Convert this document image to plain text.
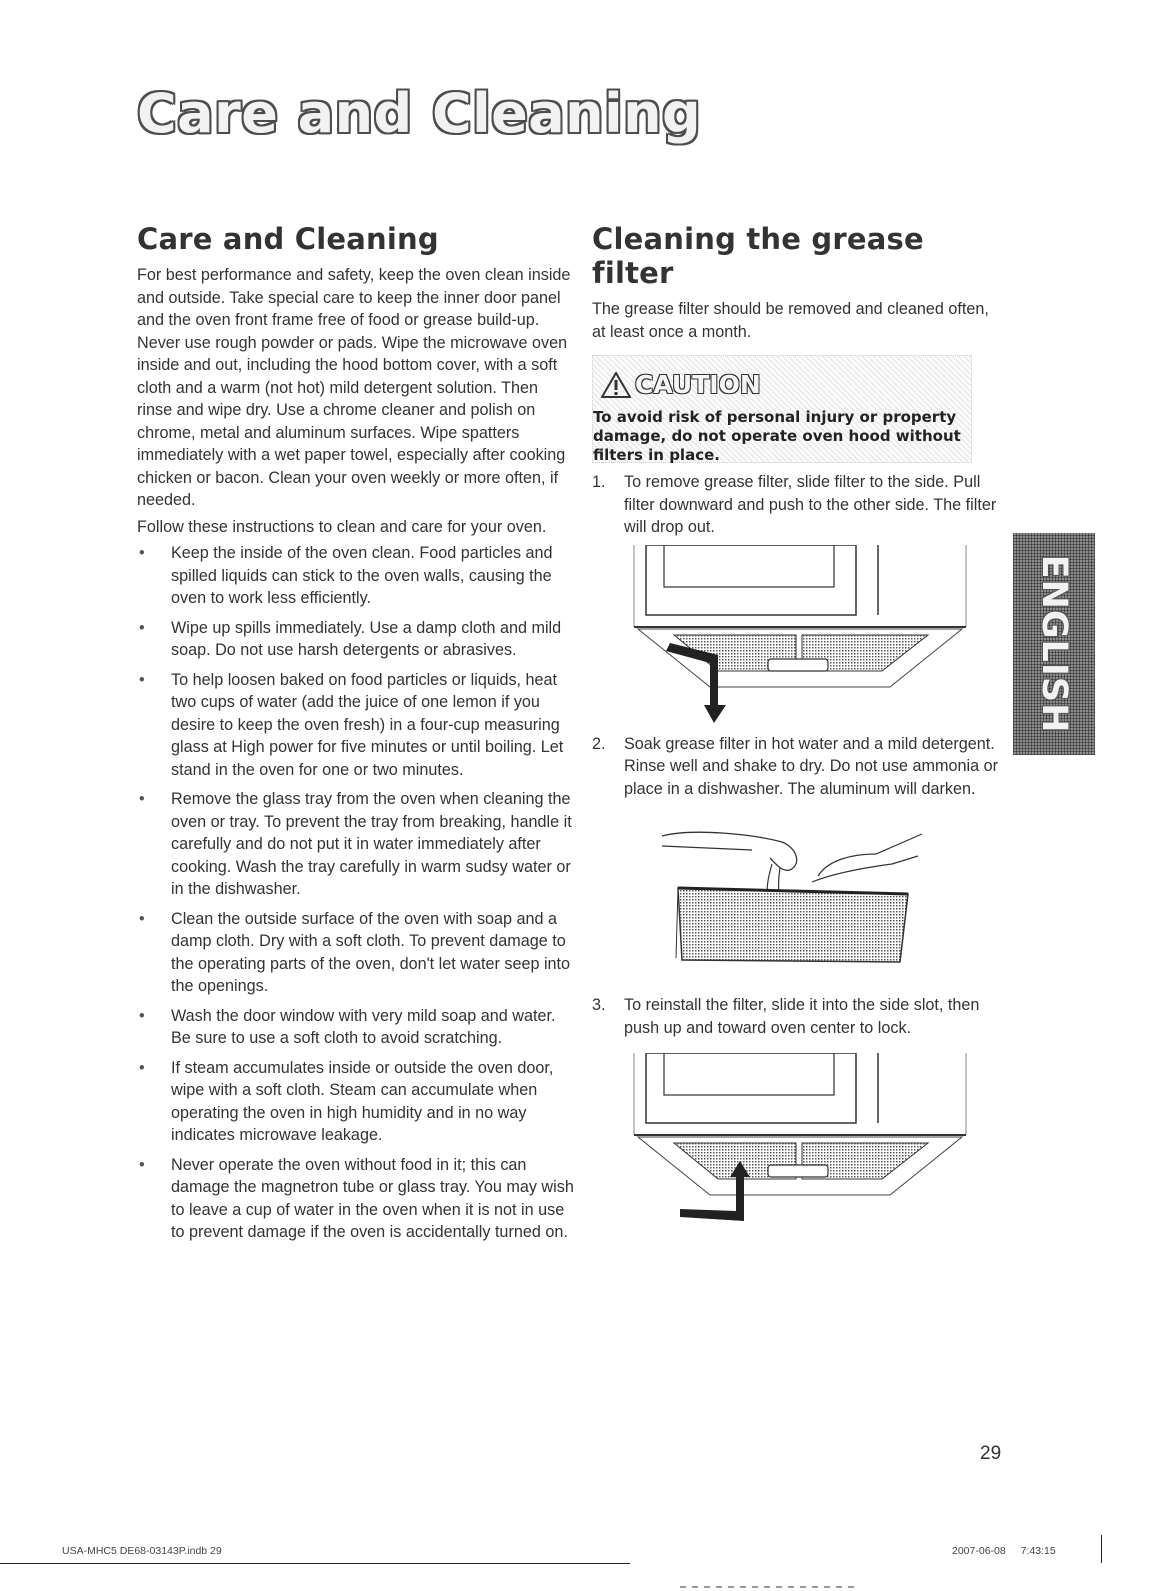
Care and Cleaning
Care and Cleaning

For best performance and safety, keep the oven clean inside and outside. Take special care to keep the inner door panel and the oven front frame free of food or grease build-up. Never use rough powder or pads. Wipe the microwave oven inside and out, including the hood bottom cover, with a soft cloth and a warm (not hot) mild detergent solution. Then rinse and wipe dry. Use a chrome cleaner and polish on chrome, metal and aluminum surfaces. Wipe spatters immediately with a wet paper towel, especially after cooking chicken or bacon. Clean your oven weekly or more often, if needed.

Follow these instructions to clean and care for your oven.

• Keep the inside of the oven clean. Food particles and spilled liquids can stick to the oven walls, causing the oven to work less efficiently.
• Wipe up spills immediately. Use a damp cloth and mild soap. Do not use harsh detergents or abrasives.
• To help loosen baked on food particles or liquids, heat two cups of water (add the juice of one lemon if you desire to keep the oven fresh) in a four-cup measuring glass at High power for five minutes or until boiling. Let stand in the oven for one or two minutes.
• Remove the glass tray from the oven when cleaning the oven or tray. To prevent the tray from breaking, handle it carefully and do not put it in water immediately after cooking. Wash the tray carefully in warm sudsy water or in the dishwasher.
• Clean the outside surface of the oven with soap and a damp cloth. Dry with a soft cloth. To prevent damage to the operating parts of the oven, don't let water seep into the openings.
• Wash the door window with very mild soap and water. Be sure to use a soft cloth to avoid scratching.
• If steam accumulates inside or outside the oven door, wipe with a soft cloth. Steam can accumulate when operating the oven in high humidity and in no way indicates microwave leakage.
• Never operate the oven without food in it; this can damage the magnetron tube or glass tray. You may wish to leave a cup of water in the oven when it is not in use to prevent damage if the oven is accidentally turned on.
Cleaning the grease filter

The grease filter should be removed and cleaned often, at least once a month.

CAUTION
To avoid risk of personal injury or property damage, do not operate oven hood without filters in place.
1. To remove grease filter, slide filter to the side. Pull filter downward and push to the other side. The filter will drop out.
2. Soak grease filter in hot water and a mild detergent. Rinse well and shake to dry. Do not use ammonia or place in a dishwasher. The aluminum will darken.
3. To reinstall the filter, slide it into the side slot, then push up and toward oven center to lock.
ENGLISH
29
USA-MHC5 DE68-03143P.indb 29	2007-06-08 7:43:15
